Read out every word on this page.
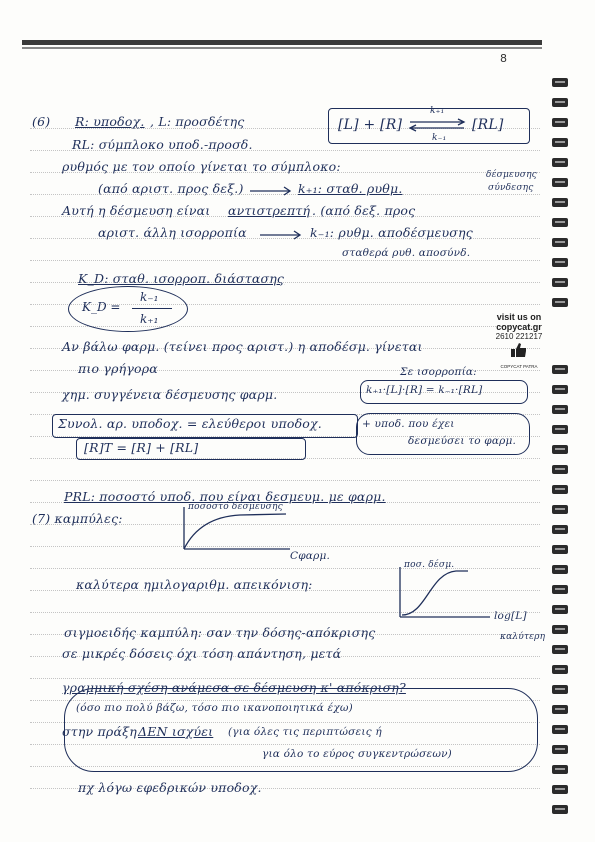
8
[L] + [R]
k₊₁
k₋₁
⇌ [RL]
(6) R: υποδοχ. , L: προσδέτης
RL: σύμπλοκο υποδ.-προσδ.
ρυθμός με τον οποίο γίνεται το σύμπλοκο:
(από αριστ. προς δεξ.)	k₊₁: σταθ. ρυθμ.
δέσμευσης
σύνδεσης
Αυτή η δέσμευση είναι αντιστρεπτή . (από δεξ. προς
αριστ. άλλη ισορροπία	k₋₁: ρυθμ. αποδέσμευσης
σταθερά ρυθ. αποσύνδ.
K_D: σταθ. ισορροπ. διάστασης
K_D =
k₋₁
k₊₁	visit us on
copycat.gr
2610 221217
COPYCAT PATRA
Αν βάλω φαρμ. (τείνει προς αριστ.) η αποδέσμ. γίνεται
πιο γρήγορα	Σε ισορροπία:
χημ. συγγένεια δέσμευσης φαρμ.	k₊₁·[L]·[R] = k₋₁·[RL]
Συνολ. αρ. υποδοχ. = ελεύθεροι υποδοχ.	+ υποδ. που έχει
δεσμεύσει το φαρμ.
[R]T = [R] + [RL]
PRL: ποσοστό υποδ. που είναι δεσμευμ. με φαρμ.
(7) καμπύλες:
ποσοστό δέσμευσης
Cφαρμ.
καλύτερα ημιλογαριθμ. απεικόνιση:
ποσ. δέσμ.
log[L]
σιγμοειδής καμπύλη: σαν την δόσης-απόκρισης	καλύτερη
σε μικρές δόσεις όχι τόση απάντηση, μετά
γραμμική σχέση ανάμεσα σε δέσμευση κ' απόκριση?
(όσο πιο πολύ βάζω, τόσο πιο ικανοποιητικά έχω)
στην πράξη ΔΕΝ ισχύει (για όλες τις περιπτώσεις ή
για όλο το εύρος συγκεντρώσεων)
πχ λόγω εφεδρικών υποδοχ.
